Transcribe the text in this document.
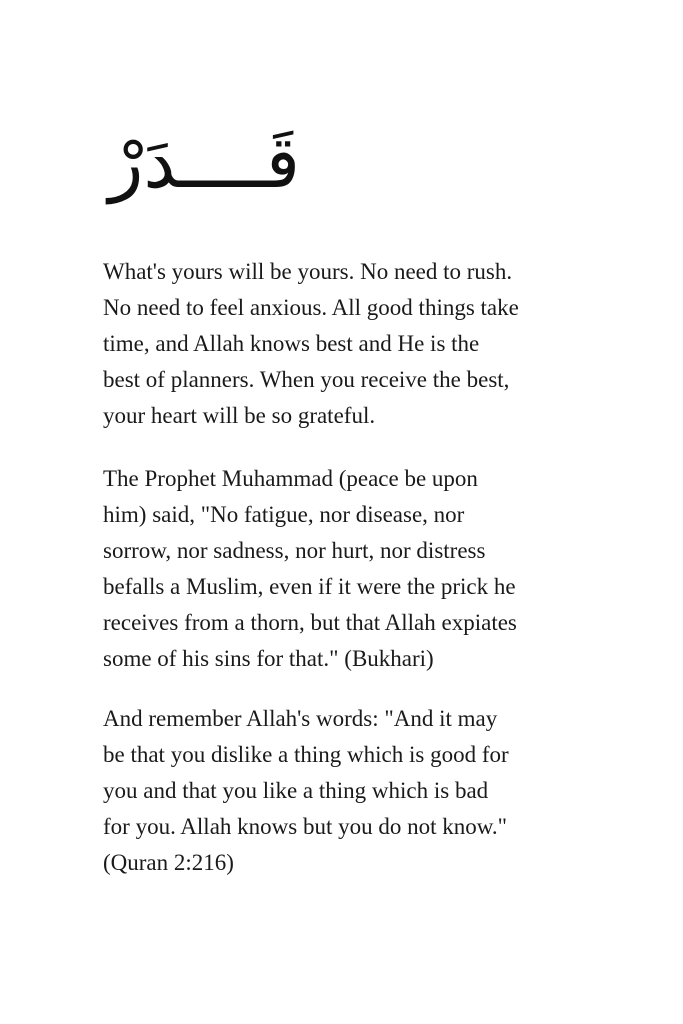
قَــــدَرْ

What's yours will be yours. No need to rush.
No need to feel anxious. All good things take
time, and Allah knows best and He is the
best of planners. When you receive the best,
your heart will be so grateful.

The Prophet Muhammad (peace be upon
him) said, "No fatigue, nor disease, nor
sorrow, nor sadness, nor hurt, nor distress
befalls a Muslim, even if it were the prick he
receives from a thorn, but that Allah expiates
some of his sins for that." (Bukhari)

And remember Allah's words: "And it may
be that you dislike a thing which is good for
you and that you like a thing which is bad
for you. Allah knows but you do not know."
(Quran 2:216)
